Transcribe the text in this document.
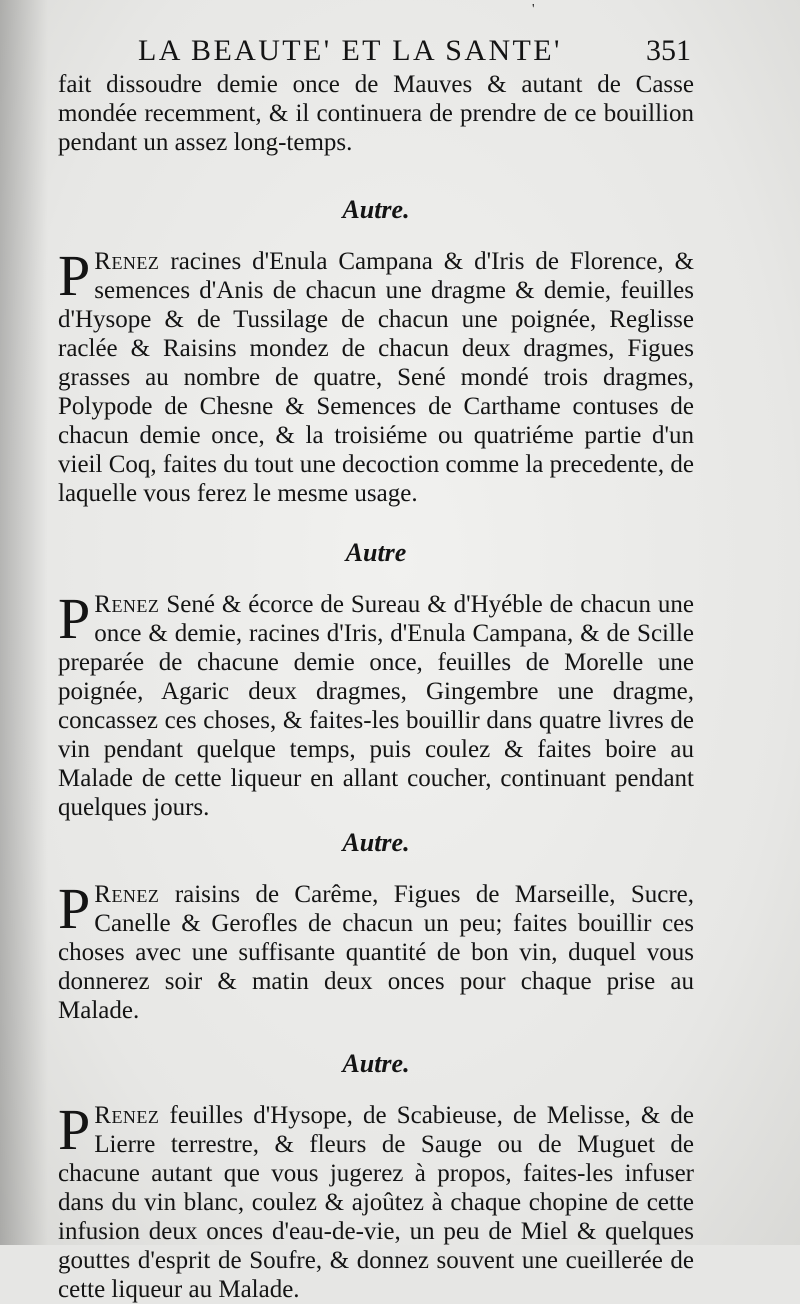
'
LA BEAUTE' ET LA SANTE'	351

fait dissoudre demie once de Mauves & autant de Casse mondée recemment, & il continuera de prendre de ce bouillion pendant un assez long-temps.

Autre.

P Renez racines d'Enula Campana & d'Iris de Florence, & semences d'Anis de chacun une dragme & demie, feuilles d'Hysope & de Tussilage de chacun une poignée, Reglisse raclée & Raisins mondez de chacun deux dragmes, Figues grasses au nombre de quatre, Sené mondé trois dragmes, Polypode de Chesne & Semences de Carthame contuses de chacun demie once, & la troisiéme ou quatriéme partie d'un vieil Coq, faites du tout une decoction comme la precedente, de laquelle vous ferez le mesme usage.

Autre

P Renez Sené & écorce de Sureau & d'Hyéble de chacun une once & demie, racines d'Iris, d'Enula Campana, & de Scille preparée de chacune demie once, feuilles de Morelle une poignée, Agaric deux dragmes, Gingembre une dragme, concassez ces choses, & faites-les bouillir dans quatre livres de vin pendant quelque temps, puis coulez & faites boire au Malade de cette liqueur en allant coucher, continuant pendant quelques jours.

Autre.

P Renez raisins de Carême, Figues de Marseille, Sucre, Canelle & Gerofles de chacun un peu; faites bouillir ces choses avec une suffisante quantité de bon vin, duquel vous donnerez soir & matin deux onces pour chaque prise au Malade.

Autre.

P Renez feuilles d'Hysope, de Scabieuse, de Melisse, & de Lierre terrestre, & fleurs de Sauge ou de Muguet de chacune autant que vous jugerez à propos, faites-les infuser dans du vin blanc, coulez & ajoûtez à chaque chopine de cette infusion deux onces d'eau-de-vie, un peu de Miel & quelques gouttes d'esprit de Soufre, & donnez souvent une cueillerée de cette liqueur au Malade.
